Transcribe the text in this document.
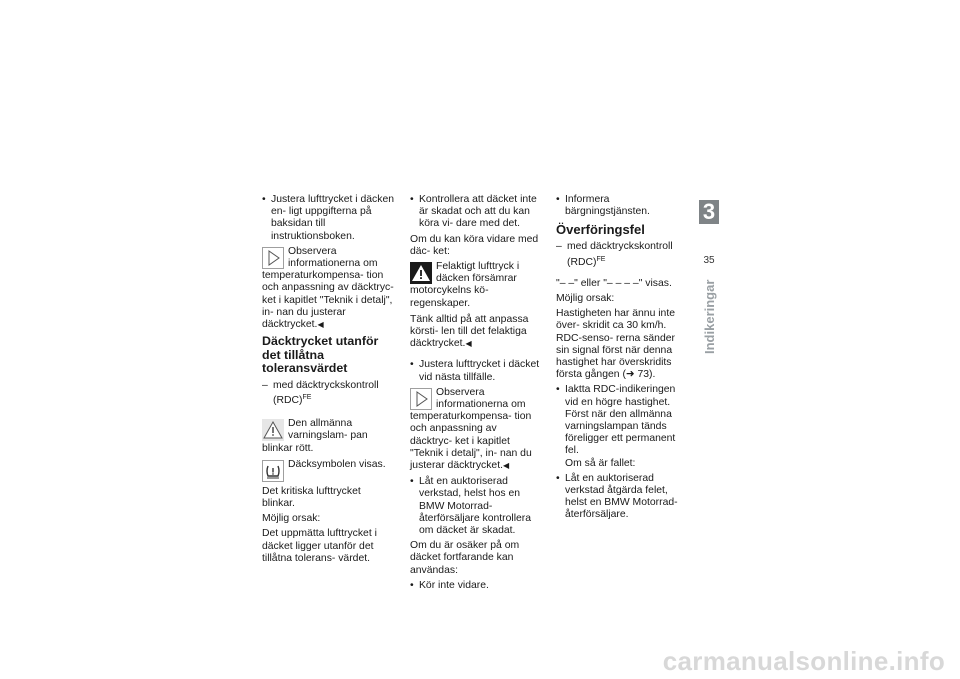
• Justera lufttrycket i däcken en- ligt uppgifterna på baksidan till instruktionsboken.
Observera informationerna om temperaturkompensa- tion och anpassning av däcktryc- ket i kapitlet "Teknik i detalj", in- nan du justerar däcktrycket.◀
Däcktrycket utanför det tillåtna toleransvärdet
– med däcktryckskontroll (RDC)$^{FE}$
Den allmänna varningslam- pan blinkar rött.
Däcksymbolen visas.
Det kritiska lufttrycket blinkar.
Möjlig orsak:
Det uppmätta lufttrycket i däcket ligger utanför det tillåtna tolerans- värdet.
• Kontrollera att däcket inte är skadat och att du kan köra vi- dare med det.
Om du kan köra vidare med däc- ket:
Felaktigt lufttryck i däcken försämrar motorcykelns kö- regenskaper.
Tänk alltid på att anpassa körsti- len till det felaktiga däcktrycket.◀
• Justera lufttrycket i däcket vid nästa tillfälle.
Observera informationerna om temperaturkompensa- tion och anpassning av däcktryc- ket i kapitlet "Teknik i detalj", in- nan du justerar däcktrycket.◀
• Låt en auktoriserad verkstad, helst hos en BMW Motorrad- återförsäljare kontrollera om däcket är skadat.
Om du är osäker på om däcket fortfarande kan användas:
• Kör inte vidare.
• Informera bärgningstjänsten.
Överföringsfel
– med däcktryckskontroll (RDC)$^{FE}$
"– –" eller "– – – –" visas.
Möjlig orsak:
Hastigheten har ännu inte över- skridit ca 30 km/h. RDC-senso- rerna sänder sin signal först när denna hastighet har överskridits första gången (➜ 73).
• Iaktta RDC-indikeringen vid en högre hastighet. Först när den allmänna varningslampan tänds föreligger ett permanent fel.
Om så är fallet:
• Låt en auktoriserad verkstad åtgärda felet, helst en BMW Motorrad-återförsäljare.
3
35
Indikeringar
carmanualsonline.info
